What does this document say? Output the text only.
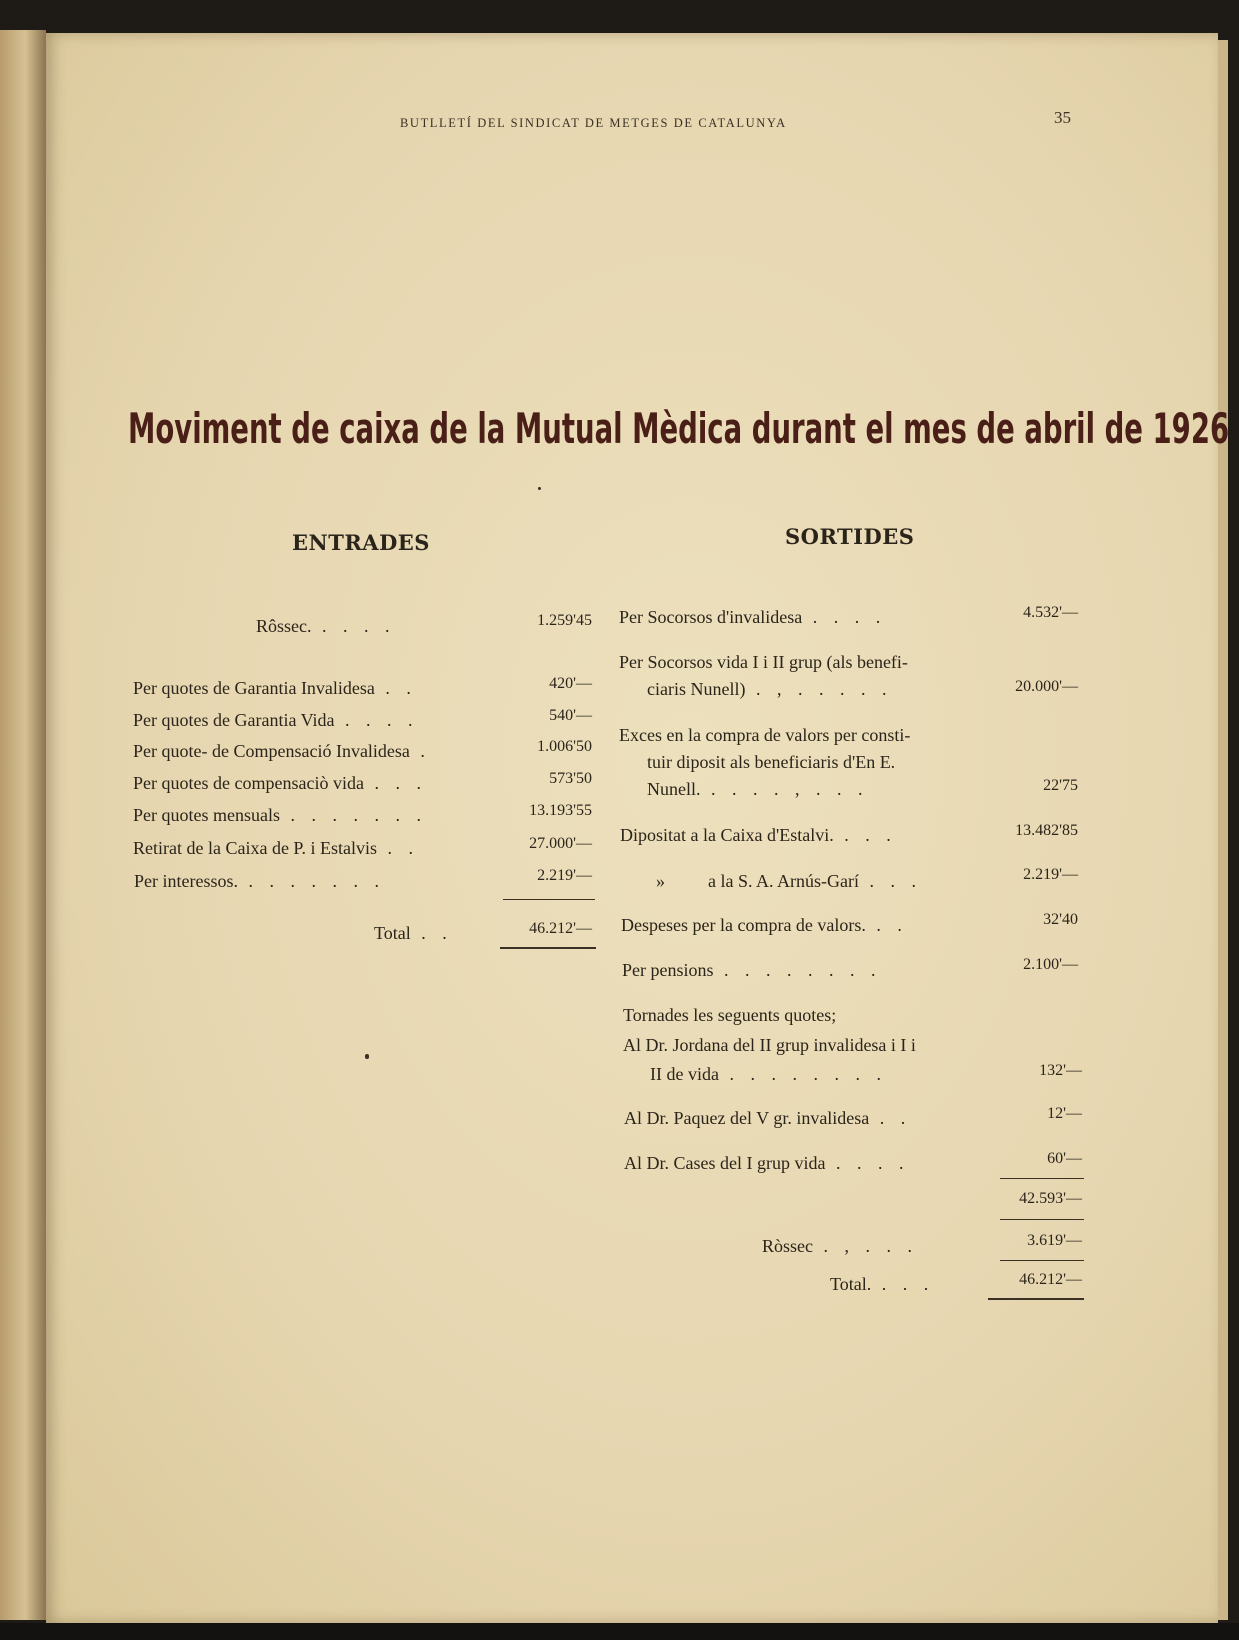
BUTLLETÍ DEL SINDICAT DE METGES DE CATALUNYA	35
Moviment de caixa de la Mutual Mèdica durant el mes de abril de 1926
ENTRADES
Rôssec. . . . .	1.259'45
Per quotes de Garantia Invalidesa . .	420'—
Per quotes de Garantia Vida . . . .	540'—
Per quote- de Compensació Invalidesa .	1.006'50
Per quotes de compensaciò vida . . .	573'50
Per quotes mensuals . . . . . . .	13.193'55
Retirat de la Caixa de P. i Estalvis . .	27.000'—
Per interessos. . . . . . . .	2.219'—
Total . .	46.212'—
SORTIDES
Per Socorsos d'invalidesa . . . .	4.532'—
Per Socorsos vida I i II grup (als benefi-
ciaris Nunell) . , . . . . .	20.000'—
Exces en la compra de valors per consti-
tuir diposit als beneficiaris d'En E.
Nunell. . . . . , . . .	22'75
Dipositat a la Caixa d'Estalvi. . . .	13.482'85
» a la S. A. Arnús-Garí . . .	2.219'—
Despeses per la compra de valors. . .	32'40
Per pensions . . . . . . . .	2.100'—
Tornades les seguents quotes;
Al Dr. Jordana del II grup invalidesa i I i
II de vida . . . . . . . .	132'—
Al Dr. Paquez del V gr. invalidesa . .	12'—
Al Dr. Cases del I grup vida . . . .	60'—
42.593'—
Ròssec . , . . .	3.619'—
Total. . . .	46.212'—
